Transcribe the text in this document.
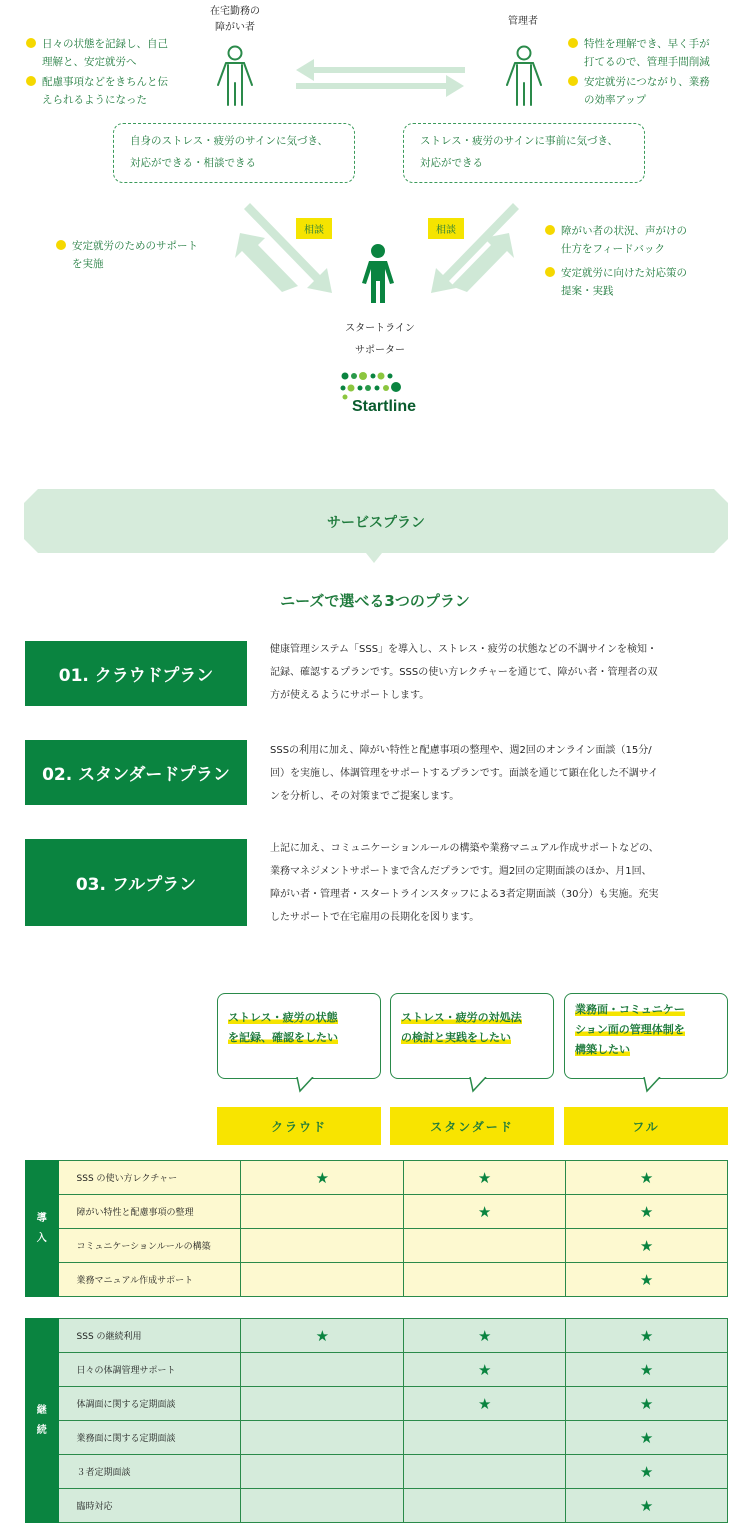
在宅勤務の
障がい者
管理者
日々の状態を記録し、自己
理解と、安定就労へ
配慮事項などをきちんと伝
えられるようになった
特性を理解でき、早く手が
打てるので、管理手間削減
安定就労につながり、業務
の効率アップ
自身のストレス・疲労のサインに気づき、
対応ができる・相談できる
ストレス・疲労のサインに事前に気づき、
対応ができる
相談	相談
安定就労のためのサポート
を実施
障がい者の状況、声がけの
仕方をフィードバック
安定就労に向けた対応策の
提案・実践
スタートライン
サポーター
Startline
サービスプラン
ニーズで選べる3つのプラン
01. クラウドプラン
健康管理システム「SSS」を導入し、ストレス・疲労の状態などの不調サインを検知・
記録、確認するプランです。SSSの使い方レクチャーを通じて、障がい者・管理者の双
方が使えるようにサポートします。
02. スタンダードプラン
SSSの利用に加え、障がい特性と配慮事項の整理や、週2回のオンライン面談（15分/
回）を実施し、体調管理をサポートするプランです。面談を通じて顕在化した不調サイ
ンを分析し、その対策までご提案します。
03. フルプラン
上記に加え、コミュニケーションルールの構築や業務マニュアル作成サポートなどの、
業務マネジメントサポートまで含んだプランです。週2回の定期面談のほか、月1回、
障がい者・管理者・スタートラインスタッフによる3者定期面談（30分）も実施。充実
したサポートで在宅雇用の長期化を図ります。
ストレス・疲労の状態
を記録、確認をしたい
ストレス・疲労の対処法
の検討と実践をしたい
業務面・コミュニケー
ション面の管理体制を
構築したい
クラウド	スタンダード	フル
導
入	SSS の使い方レクチャー	★	★	★
	障がい特性と配慮事項の整理		★	★
	コミュニケーションルールの構築			★
	業務マニュアル作成サポート			★
継
続	SSS の継続利用	★	★	★
	日々の体調管理サポート		★	★
	体調面に関する定期面談		★	★
	業務面に関する定期面談			★
	３者定期面談			★
	臨時対応			★
